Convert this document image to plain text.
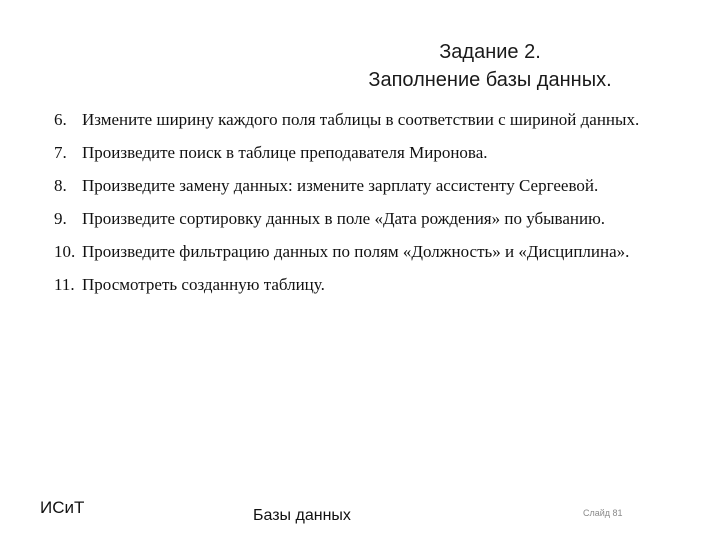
Задание 2.
Заполнение базы данных.
6. Измените ширину каждого поля таблицы в соответствии с шириной данных.
7. Произведите поиск в таблице преподавателя Миронова.
8. Произведите замену данных: измените зарплату ассистенту Сергеевой.
9. Произведите сортировку данных в поле «Дата рождения» по убыванию.
10. Произведите фильтрацию данных по полям «Должность» и «Дисциплина».
11. Просмотреть созданную таблицу.
ИСиТ	Базы данных	Слайд 81
